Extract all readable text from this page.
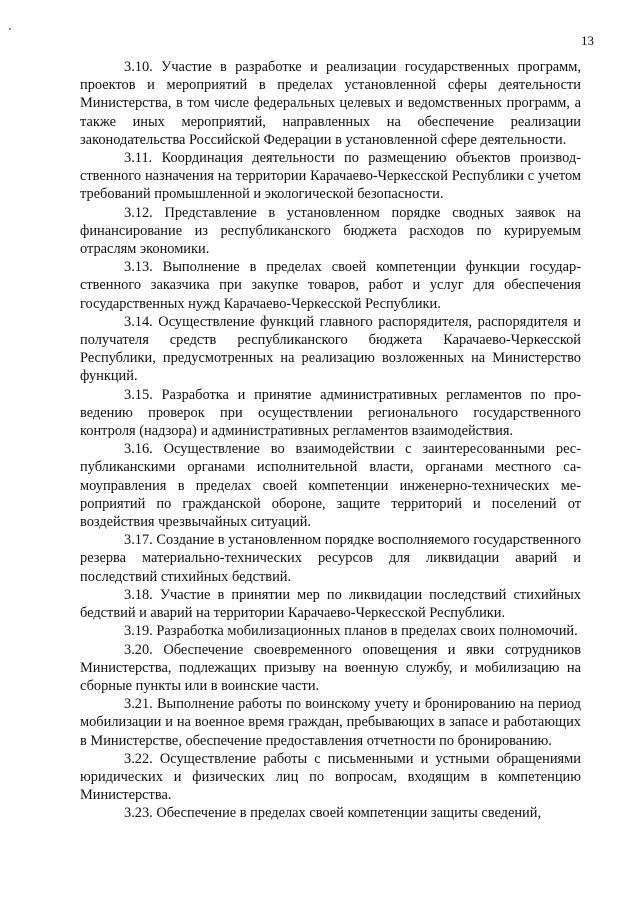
13

3.10. Участие в разработке и реализации государственных программ, проектов и мероприятий в пределах установленной сферы деятельности Министерства, в том числе федеральных целевых и ведомственных программ, а также иных мероприятий, направленных на обеспечение реализации законодательства Российской Федерации в установленной сфере деятельности.

3.11. Координация деятельности по размещению объектов производственного назначения на территории Карачаево-Черкесской Республики с учетом требований промышленной и экологической безопасности.

3.12. Представление в установленном порядке сводных заявок на финансирование из республиканского бюджета расходов по курируемым отраслям экономики.

3.13. Выполнение в пределах своей компетенции функции государственного заказчика при закупке товаров, работ и услуг для обеспечения государственных нужд Карачаево-Черкесской Республики.

3.14. Осуществление функций главного распорядителя, распорядителя и получателя средств республиканского бюджета Карачаево-Черкесской Республики, предусмотренных на реализацию возложенных на Министерство функций.

3.15. Разработка и принятие административных регламентов по проведению проверок при осуществлении регионального государственного контроля (надзора) и административных регламентов взаимодействия.

3.16. Осуществление во взаимодействии с заинтересованными республиканскими органами исполнительной власти, органами местного самоуправления в пределах своей компетенции инженерно-технических мероприятий по гражданской обороне, защите территорий и поселений от воздействия чрезвычайных ситуаций.

3.17. Создание в установленном порядке восполняемого государственного резерва материально-технических ресурсов для ликвидации аварий и последствий стихийных бедствий.

3.18. Участие в принятии мер по ликвидации последствий стихийных бедствий и аварий на территории Карачаево-Черкесской Республики.

3.19. Разработка мобилизационных планов в пределах своих полномочий.

3.20. Обеспечение своевременного оповещения и явки сотрудников Министерства, подлежащих призыву на военную службу, и мобилизацию на сборные пункты или в воинские части.

3.21. Выполнение работы по воинскому учету и бронированию на период мобилизации и на военное время граждан, пребывающих в запасе и работающих в Министерстве, обеспечение предоставления отчетности по бронированию.

3.22. Осуществление работы с письменными и устными обращениями юридических и физических лиц по вопросам, входящим в компетенцию Министерства.

3.23. Обеспечение в пределах своей компетенции защиты сведений,
